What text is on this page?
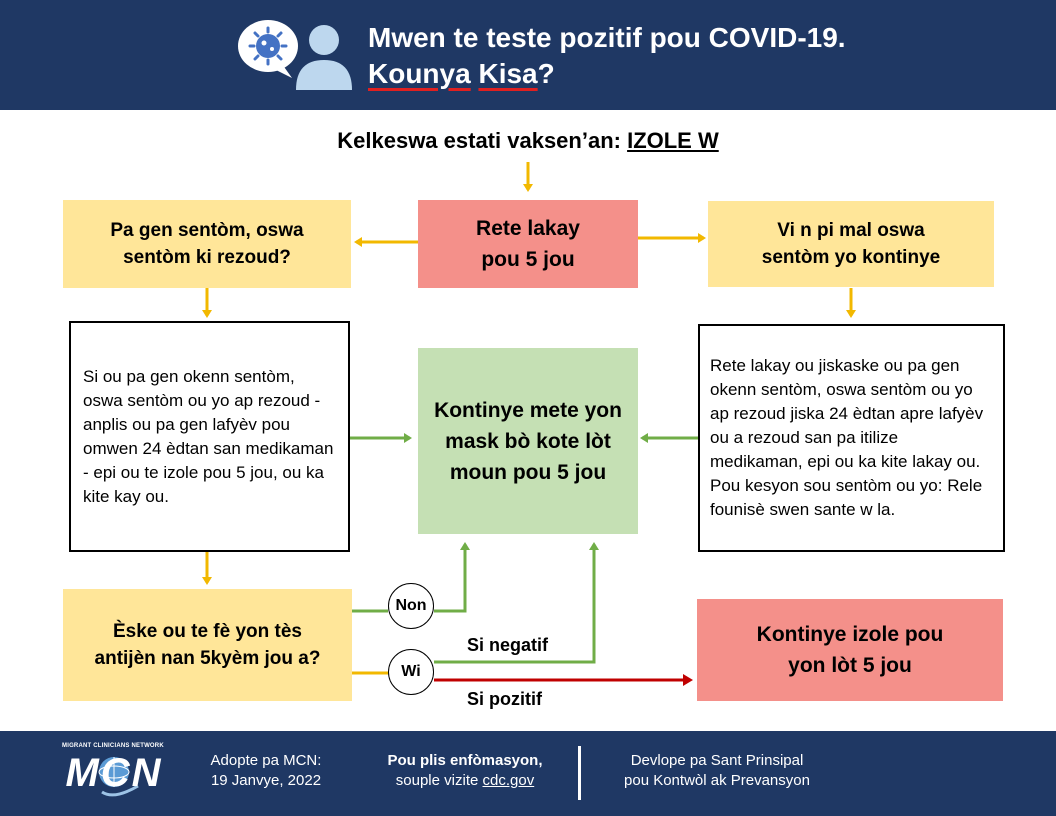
Mwen te teste pozitif pou COVID-19.
Kounya Kisa?
Kelkeswa estati vaksen’an: IZOLE W
Rete lakay
pou 5 jou
Pa gen sentòm, oswa
sentòm ki rezoud?
Vi n pi mal oswa
sentòm yo kontinye
Si ou pa gen okenn sentòm, oswa sentòm ou yo ap rezoud - anplis ou pa gen lafyèv pou omwen 24 èdtan san medikaman - epi ou te izole pou 5 jou, ou ka kite kay ou.
Kontinye mete yon
mask bò kote lòt
moun pou 5 jou
Rete lakay ou jiskaske ou pa gen okenn sentòm, oswa sentòm ou yo ap rezoud jiska 24 èdtan apre lafyèv ou a rezoud san pa itilize medikaman, epi ou ka kite lakay ou. Pou kesyon sou sentòm ou yo: Rele founisè swen sante w la.
Èske ou te fè yon tès
antijèn nan 5kyèm jou a?
Kontinye izole pou
yon lòt 5 jou
Non
Wi
Si negatif
Si pozitif
MIGRANT CLINICIANS NETWORK
MCN	Adopte pa MCN:
19 Janvye, 2022
Pou plis enfòmasyon,
souple vizite cdc.gov
Devlope pa Sant Prinsipal
pou Kontwòl ak Prevansyon
